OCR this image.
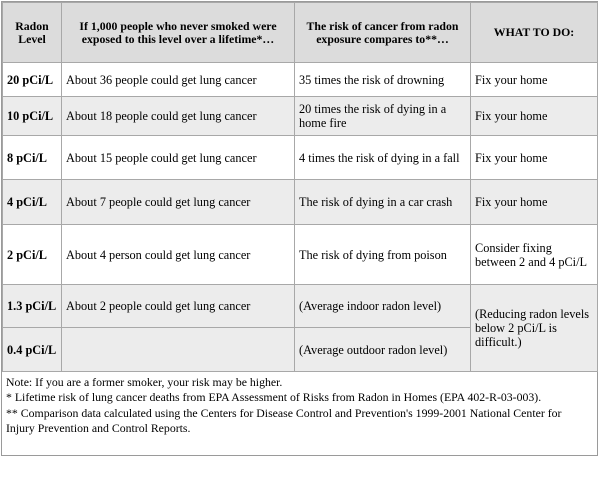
Radon Level	If 1,000 people who never smoked were exposed to this level over a lifetime*…	The risk of cancer from radon exposure compares to**…	WHAT TO DO:
20 pCi/L	About 36 people could get lung cancer	35 times the risk of drowning	Fix your home
10 pCi/L	About 18 people could get lung cancer	20 times the risk of dying in a home fire	Fix your home
8 pCi/L	About 15 people could get lung cancer	4 times the risk of dying in a fall	Fix your home
4 pCi/L	About 7 people could get lung cancer	The risk of dying in a car crash	Fix your home
2 pCi/L	About 4 person could get lung cancer	The risk of dying from poison	Consider fixing between 2 and 4 pCi/L
1.3 pCi/L	About 2 people could get lung cancer	(Average indoor radon level)	(Reducing radon levels below 2 pCi/L is difficult.)
0.4 pCi/L		(Average outdoor radon level)	

Note: If you are a former smoker, your risk may be higher.

* Lifetime risk of lung cancer deaths from EPA Assessment of Risks from Radon in Homes (EPA 402-R-03-003).

** Comparison data calculated using the Centers for Disease Control and Prevention's 1999-2001 National Center for Injury Prevention and Control Reports.
